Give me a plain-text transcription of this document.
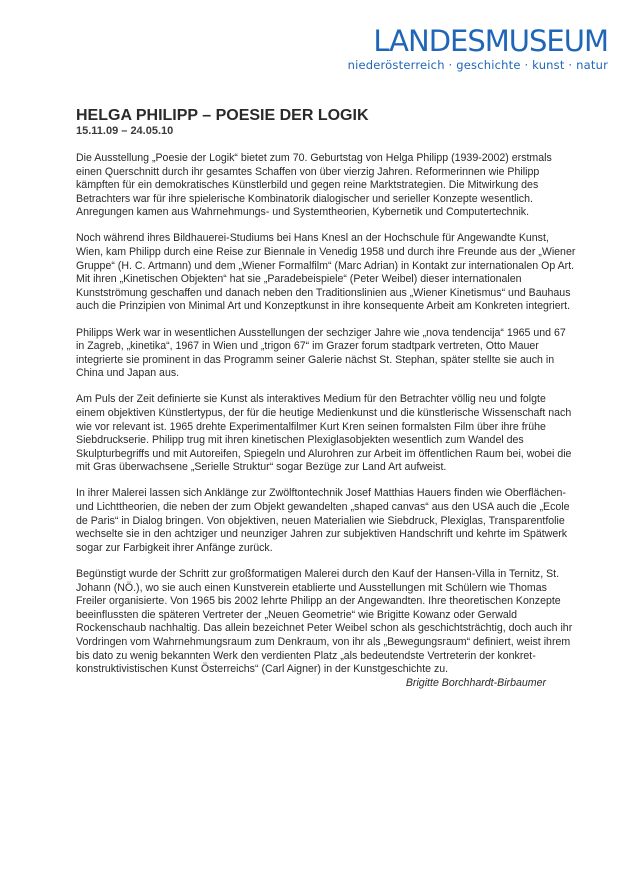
LANDESMUSEUM
niederösterreich · geschichte · kunst · natur
HELGA PHILIPP – POESIE DER LOGIK

15.11.09 – 24.05.10

Die Ausstellung „Poesie der Logik“ bietet zum 70. Geburtstag von Helga Philipp (1939-2002) erstmals einen Querschnitt durch ihr gesamtes Schaffen von über vierzig Jahren. Reformerinnen wie Philipp kämpften für ein demokratisches Künstlerbild und gegen reine Marktstrategien. Die Mitwirkung des Betrachters war für ihre spielerische Kombinatorik dialogischer und serieller Konzepte wesentlich. Anregungen kamen aus Wahrnehmungs- und Systemtheorien, Kybernetik und Computertechnik.

Noch während ihres Bildhauerei-Studiums bei Hans Knesl an der Hochschule für Angewandte Kunst, Wien, kam Philipp durch eine Reise zur Biennale in Venedig 1958 und durch ihre Freunde aus der „Wiener Gruppe“ (H. C. Artmann) und dem „Wiener Formalfilm“ (Marc Adrian) in Kontakt zur internationalen Op Art. Mit ihren „Kinetischen Objekten“ hat sie „Paradebeispiele“ (Peter Weibel) dieser internationalen Kunstströmung geschaffen und danach neben den Traditionslinien aus „Wiener Kinetismus“ und Bauhaus auch die Prinzipien von Minimal Art und Konzeptkunst in ihre konsequente Arbeit am Konkreten integriert.

Philipps Werk war in wesentlichen Ausstellungen der sechziger Jahre wie „nova tendencija“ 1965 und 67 in Zagreb, „kinetika“, 1967 in Wien und „trigon 67“ im Grazer forum stadtpark vertreten, Otto Mauer integrierte sie prominent in das Programm seiner Galerie nächst St. Stephan, später stellte sie auch in China und Japan aus.

Am Puls der Zeit definierte sie Kunst als interaktives Medium für den Betrachter völlig neu und folgte einem objektiven Künstlertypus, der für die heutige Medienkunst und die künstlerische Wissenschaft nach wie vor relevant ist. 1965 drehte Experimentalfilmer Kurt Kren seinen formalsten Film über ihre frühe Siebdruckserie. Philipp trug mit ihren kinetischen Plexiglasobjekten wesentlich zum Wandel des Skulpturbegriffs und mit Autoreifen, Spiegeln und Alurohren zur Arbeit im öffentlichen Raum bei, wobei die mit Gras überwachsene „Serielle Struktur“ sogar Bezüge zur Land Art aufweist.

In ihrer Malerei lassen sich Anklänge zur Zwölftontechnik Josef Matthias Hauers finden wie Oberflächen- und Lichttheorien, die neben der zum Objekt gewandelten „shaped canvas“ aus den USA auch die „Ecole de Paris“ in Dialog bringen. Von objektiven, neuen Materialien wie Siebdruck, Plexiglas, Transparentfolie wechselte sie in den achtziger und neunziger Jahren zur subjektiven Handschrift und kehrte im Spätwerk sogar zur Farbigkeit ihrer Anfänge zurück.

Begünstigt wurde der Schritt zur großformatigen Malerei durch den Kauf der Hansen-Villa in Ternitz, St. Johann (NÖ.), wo sie auch einen Kunstverein etablierte und Ausstellungen mit Schülern wie Thomas Freiler organisierte. Von 1965 bis 2002 lehrte Philipp an der Angewandten. Ihre theoretischen Konzepte beeinflussten die späteren Vertreter der „Neuen Geometrie“ wie Brigitte Kowanz oder Gerwald Rockenschaub nachhaltig. Das allein bezeichnet Peter Weibel schon als geschichtsträchtig, doch auch ihr Vordringen vom Wahrnehmungsraum zum Denkraum, von ihr als „Bewegungsraum“ definiert, weist ihrem bis dato zu wenig bekannten Werk den verdienten Platz „als bedeutendste Vertreterin der konkret-konstruktivistischen Kunst Österreichs“ (Carl Aigner) in der Kunstgeschichte zu.

Brigitte Borchhardt-Birbaumer
